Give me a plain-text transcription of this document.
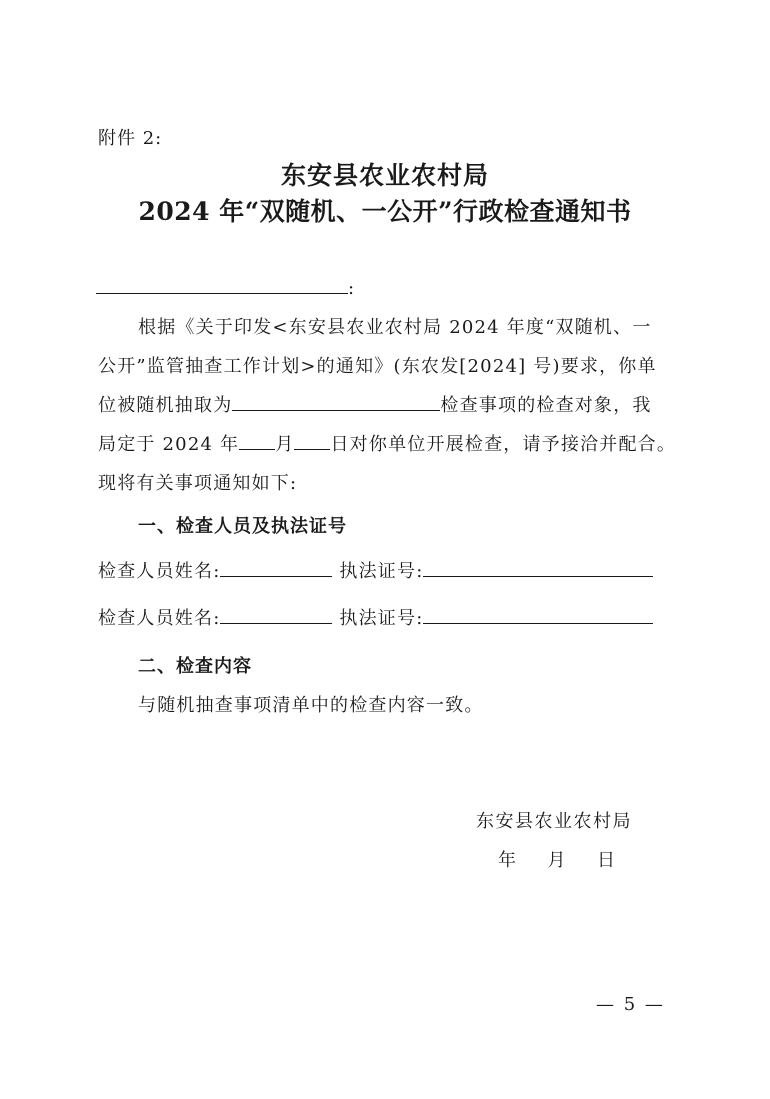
附件 2:
东安县农业农村局
2024 年“双随机、一公开”行政检查通知书
:
根据《关于印发<东安县农业农村局 2024 年度“双随机、一
公开”监管抽查工作计划>的通知》(东农发[2024] 号)要求，你单
位被随机抽取为	检查事项的检查对象，我
局定于 2024 年 月 日对你单位开展检查，请予接洽并配合。
现将有关事项通知如下:
一、检查人员及执法证号
检查人员姓名:	执法证号:
检查人员姓名:	执法证号:
二、检查内容
与随机抽查事项清单中的检查内容一致。
东安县农业农村局
年 月 日
— 5 —
